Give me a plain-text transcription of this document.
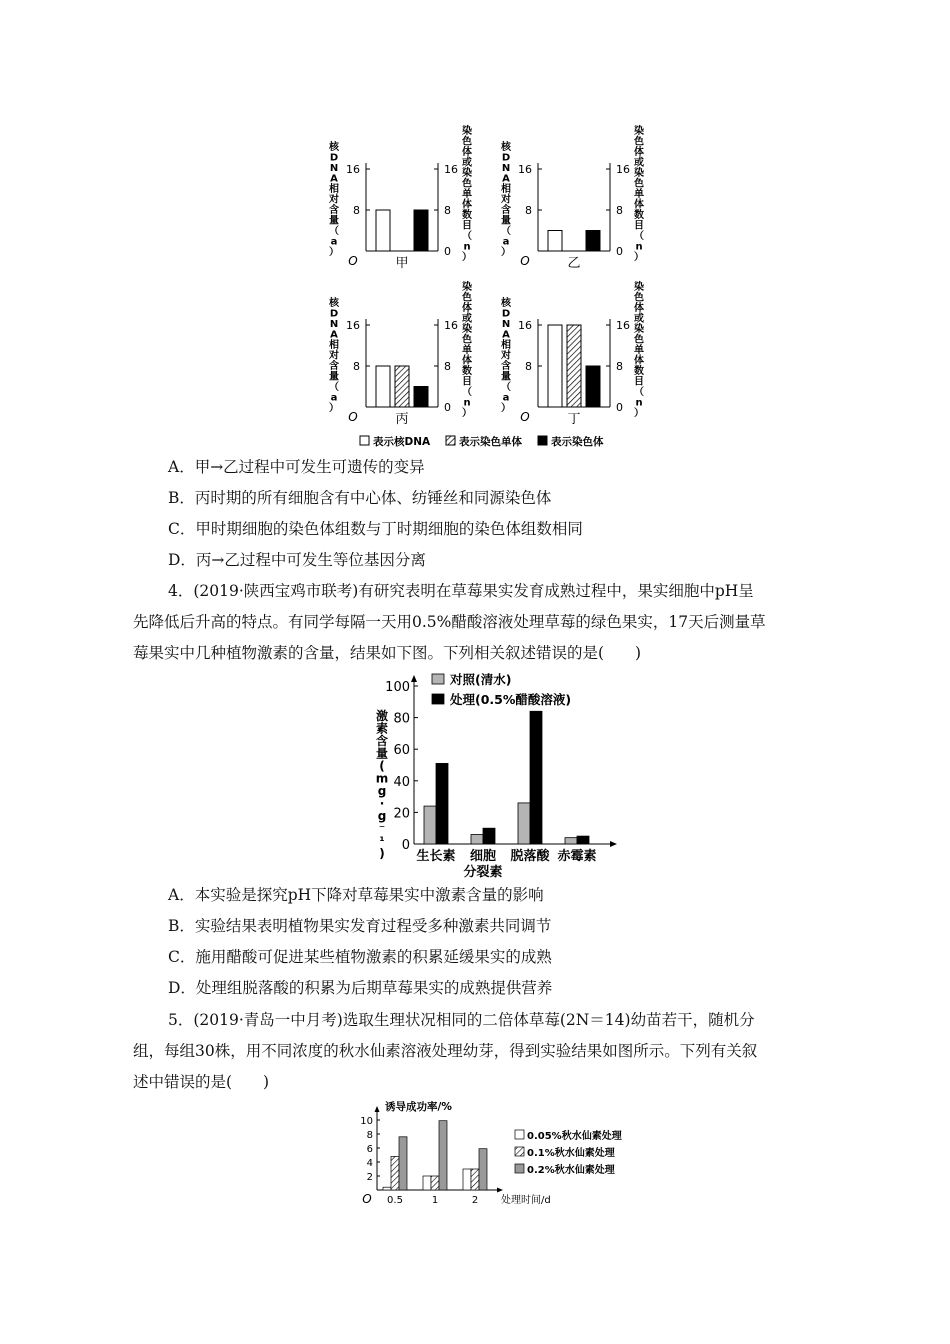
核 D N A 相对含量（ a ）
染色体或染色单体数目（ n ）
O
0
8	8
16	16
甲
核 D N A 相对含量（ a ）
染色体或染色单体数目（ n ）
O
0
8	8
16	16
乙
核 D N A 相对含量（ a ）
染色体或染色单体数目（ n ）
O
0
8	8
16	16
丙
核 D N A 相对含量（ a ）
染色体或染色单体数目（ n ）
O
0
8	8
16	16
丁
表示核DNA	表示染色单体	表示染色体
A．甲→乙过程中可发生可遗传的变异
B．丙时期的所有细胞含有中心体、纺锤丝和同源染色体
C．甲时期细胞的染色体组数与丁时期细胞的染色体组数相同
D．丙→乙过程中可发生等位基因分离
4．(2019·陕西宝鸡市联考)有研究表明在草莓果实发育成熟过程中，果实细胞中pH呈
先降低后升高的特点。有同学每隔一天用0.5%醋酸溶液处理草莓的绿色果实，17天后测量草
莓果实中几种植物激素的含量，结果如下图。下列相关叙述错误的是(　　)
0
20
40
60
80
100
激素含量( m g · g ⁻ ¹ ) 生长素 细胞
分裂素
脱落酸 赤霉素
对照(清水)
处理(0.5%醋酸溶液)
A．本实验是探究pH下降对草莓果实中激素含量的影响
B．实验结果表明植物果实发育过程受多种激素共同调节
C．施用醋酸可促进某些植物激素的积累延缓果实的成熟
D．处理组脱落酸的积累为后期草莓果实的成熟提供营养
5．(2019·青岛一中月考)选取生理状况相同的二倍体草莓(2N＝14)幼苗若干，随机分
组，每组30株，用不同浓度的秋水仙素溶液处理幼芽，得到实验结果如图所示。下列有关叙
述中错误的是(　　)
2
4
6
8
10
O
诱导成功率/%
处理时间/d
0.5	1	2
0.05%秋水仙素处理
0.1%秋水仙素处理
0.2%秋水仙素处理
